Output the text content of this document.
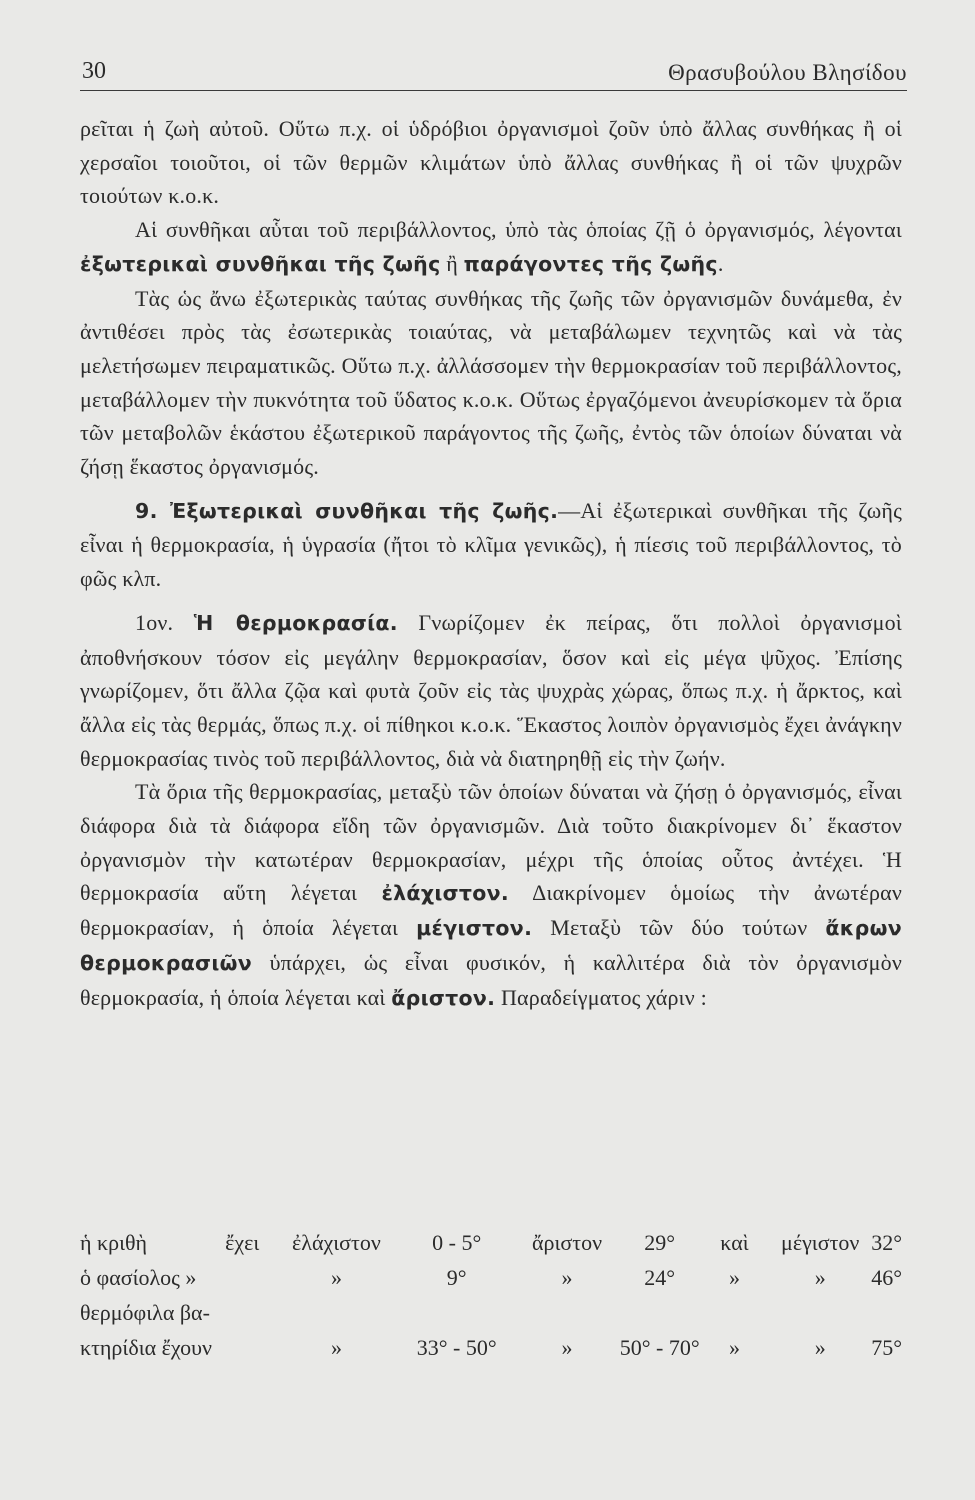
30	Θρασυβούλου Βλησίδου

ρεῖται ἡ ζωὴ αὐτοῦ. Οὕτω π.χ. οἱ ὑδρόβιοι ὀργανισμοὶ ζοῦν ὑπὸ ἄλλας συνθήκας ἢ οἱ χερσαῖοι τοιοῦτοι, οἱ τῶν θερμῶν κλιμάτων ὑπὸ ἄλλας συνθήκας ἢ οἱ τῶν ψυχρῶν τοιούτων κ.ο.κ.

Αἱ συνθῆκαι αὗται τοῦ περιβάλλοντος, ὑπὸ τὰς ὁποίας ζῇ ὁ ὀργανισμός, λέγονται ἐξωτερικαὶ συνθῆκαι τῆς ζωῆς ἢ παράγοντες τῆς ζωῆς.

Τὰς ὡς ἄνω ἐξωτερικὰς ταύτας συνθήκας τῆς ζωῆς τῶν ὀργανισμῶν δυνάμεθα, ἐν ἀντιθέσει πρὸς τὰς ἐσωτερικὰς τοιαύτας, νὰ μεταβάλωμεν τεχνητῶς καὶ νὰ τὰς μελετήσωμεν πειραματικῶς. Οὕτω π.χ. ἀλλάσσομεν τὴν θερμοκρασίαν τοῦ περιβάλλοντος, μεταβάλλομεν τὴν πυκνότητα τοῦ ὕδατος κ.ο.κ. Οὕτως ἐργαζόμενοι ἀνευρίσκομεν τὰ ὅρια τῶν μεταβολῶν ἑκάστου ἐξωτερικοῦ παράγοντος τῆς ζωῆς, ἐντὸς τῶν ὁποίων δύναται νὰ ζήσῃ ἕκαστος ὀργανισμός.

9. Ἐξωτερικαὶ συνθῆκαι τῆς ζωῆς.—Αἱ ἐξωτερικαὶ συνθῆκαι τῆς ζωῆς εἶναι ἡ θερμοκρασία, ἡ ὑγρασία (ἤτοι τὸ κλῖμα γενικῶς), ἡ πίεσις τοῦ περιβάλλοντος, τὸ φῶς κλπ.

1ον. Ἡ θερμοκρασία. Γνωρίζομεν ἐκ πείρας, ὅτι πολλοὶ ὀργανισμοὶ ἀποθνήσκουν τόσον εἰς μεγάλην θερμοκρασίαν, ὅσον καὶ εἰς μέγα ψῦχος. Ἐπίσης γνωρίζομεν, ὅτι ἄλλα ζῷα καὶ φυτὰ ζοῦν εἰς τὰς ψυχρὰς χώρας, ὅπως π.χ. ἡ ἄρκτος, καὶ ἄλλα εἰς τὰς θερμάς, ὅπως π.χ. οἱ πίθηκοι κ.ο.κ. Ἕκαστος λοιπὸν ὀργανισμὸς ἔχει ἀνάγκην θερμοκρασίας τινὸς τοῦ περιβάλλοντος, διὰ νὰ διατηρηθῇ εἰς τὴν ζωήν.

Τὰ ὅρια τῆς θερμοκρασίας, μεταξὺ τῶν ὁποίων δύναται νὰ ζήσῃ ὁ ὀργανισμός, εἶναι διάφορα διὰ τὰ διάφορα εἴδη τῶν ὀργανισμῶν. Διὰ τοῦτο διακρίνομεν δι᾽ ἕκαστον ὀργανισμὸν τὴν κατωτέραν θερμοκρασίαν, μέχρι τῆς ὁποίας οὗτος ἀντέχει. Ἡ θερμοκρασία αὕτη λέγεται ἐλάχιστον. Διακρίνομεν ὁμοίως τὴν ἀνωτέραν θερμοκρασίαν, ἡ ὁποία λέγεται μέγιστον. Μεταξὺ τῶν δύο τούτων ἄκρων θερμοκρασιῶν ὑπάρχει, ὡς εἶναι φυσικόν, ἡ καλλιτέρα διὰ τὸν ὀργανισμὸν θερμοκρασία, ἡ ὁποία λέγεται καὶ ἄριστον. Παραδείγματος χάριν :

ἡ κριθὴ	ἔχει	ἐλάχιστον	0 - 5°	ἄριστον	29°	καὶ	μέγιστον	32°
ὁ φασίολος »		»	9°	»	24°	»	»	46°
θερμόφιλα βα-								
κτηρίδια ἔχουν		»	33° - 50°	»	50° - 70°	»	»	75°
